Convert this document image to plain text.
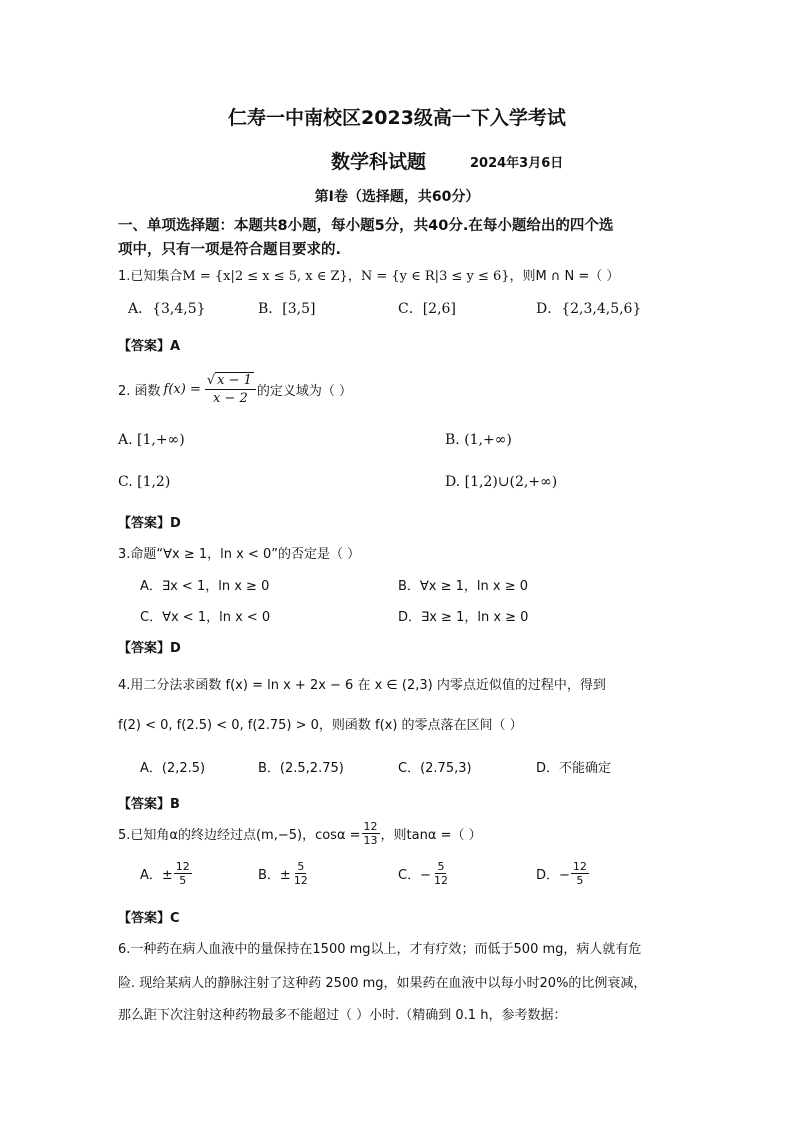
仁寿一中南校区2023级高一下入学考试
数学科试题	2024年3月6日
第Ⅰ卷（选择题，共60分）
一、单项选择题：本题共8小题，每小题5分，共40分.在每小题给出的四个选
项中，只有一项是符合题目要求的.
1.已知集合M = {x|2 ≤ x ≤ 5, x ∈ Z}，N = {y ∈ R|3 ≤ y ≤ 6}，则M ∩ N =（ ）
A．{3,4,5}	B．[3,5]	C．[2,6]	D．{2,3,4,5,6}
【答案】A
2. 函数 $f(x) = \frac{√ x - 1}{x - 2}$ 的定义域为（ ）
A. [1,+∞)	B. (1,+∞)
C. [1,2)	D. [1,2)∪(2,+∞)
【答案】D
3.命题“∀x ≥ 1，ln x < 0”的否定是（ ）
A．∃x < 1，ln x ≥ 0	B．∀x ≥ 1，ln x ≥ 0
C．∀x < 1，ln x < 0	D．∃x ≥ 1，ln x ≥ 0
【答案】D
4.用二分法求函数 f(x) = ln x + 2x − 6 在 x ∈ (2,3) 内零点近似值的过程中，得到
f(2) < 0, f(2.5) < 0, f(2.75) > 0，则函数 f(x) 的零点落在区间（ ）
A．(2,2.5)	B．(2.5,2.75)	C．(2.75,3)	D．不能确定
【答案】B
5.已知角α的终边经过点(m,−5)，$\cos\alpha = \frac{12}{13}$ ，则tanα =（ ）
A．± $\frac{12}{5}$	B．± $\frac{5}{12}$	C．− $\frac{5}{12}$	D．− $\frac{12}{5}$
【答案】C
6.一种药在病人血液中的量保持在1500 mg以上，才有疗效；而低于500 mg，病人就有危
险. 现给某病人的静脉注射了这种药 2500 mg，如果药在血液中以每小时20%的比例衰减，
那么距下次注射这种药物最多不能超过（ ）小时.（精确到 0.1 h，参考数据：
